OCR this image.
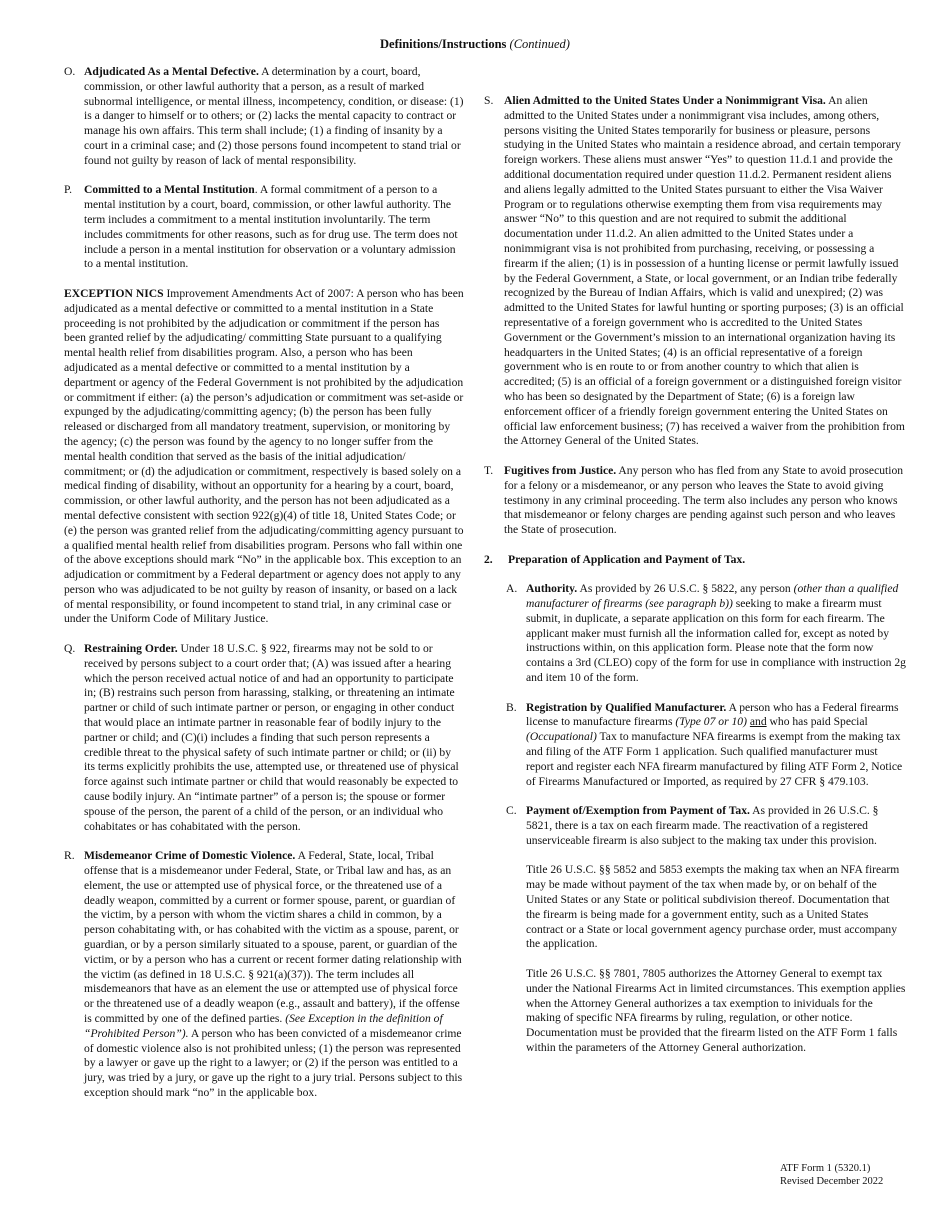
Definitions/Instructions (Continued)
O. Adjudicated As a Mental Defective. A determination by a court, board, commission, or other lawful authority that a person, as a result of marked subnormal intelligence, or mental illness, incompetency, condition, or disease: (1) is a danger to himself or to others; or (2) lacks the mental capacity to contract or manage his own affairs. This term shall include; (1) a finding of insanity by a court in a criminal case; and (2) those persons found incompetent to stand trial or found not guilty by reason of lack of mental responsibility.
P. Committed to a Mental Institution. A formal commitment of a person to a mental institution by a court, board, commission, or other lawful authority. The term includes a commitment to a mental institution involuntarily. The term includes commitments for other reasons, such as for drug use. The term does not include a person in a mental institution for observation or a voluntary admission to a mental institution.
EXCEPTION NICS Improvement Amendments Act of 2007: A person who has been adjudicated as a mental defective or committed to a mental institution in a State proceeding is not prohibited by the adjudication or commitment if the person has been granted relief by the adjudicating/ committing State pursuant to a qualifying mental health relief from disabilities program. Also, a person who has been adjudicated as a mental defective or committed to a mental institution by a department or agency of the Federal Government is not prohibited by the adjudication or commitment if either: (a) the person’s adjudication or commitment was set-aside or expunged by the adjudicating/committing agency; (b) the person has been fully released or discharged from all mandatory treatment, supervision, or monitoring by the agency; (c) the person was found by the agency to no longer suffer from the mental health condition that served as the basis of the initial adjudication/ commitment; or (d) the adjudication or commitment, respectively is based solely on a medical finding of disability, without an opportunity for a hearing by a court, board, commission, or other lawful authority, and the person has not been adjudicated as a mental defective consistent with section 922(g)(4) of title 18, United States Code; or (e) the person was granted relief from the adjudicating/committing agency pursuant to a qualified mental health relief from disabilities program. Persons who fall within one of the above exceptions should mark “No” in the applicable box. This exception to an adjudication or commitment by a Federal department or agency does not apply to any person who was adjudicated to be not guilty by reason of insanity, or based on a lack of mental responsibility, or found incompetent to stand trial, in any criminal case or under the Uniform Code of Military Justice.
Q. Restraining Order. Under 18 U.S.C. § 922, firearms may not be sold to or received by persons subject to a court order that; (A) was issued after a hearing which the person received actual notice of and had an opportunity to participate in; (B) restrains such person from harassing, stalking, or threatening an intimate partner or child of such intimate partner or person, or engaging in other conduct that would place an intimate partner in reasonable fear of bodily injury to the partner or child; and (C)(i) includes a finding that such person represents a credible threat to the physical safety of such intimate partner or child; or (ii) by its terms explicitly prohibits the use, attempted use, or threatened use of physical force against such intimate partner or child that would reasonably be expected to cause bodily injury. An “intimate partner” of a person is; the spouse or former spouse of the person, the parent of a child of the person, or an individual who cohabitates or has cohabitated with the person.
R. Misdemeanor Crime of Domestic Violence. A Federal, State, local, Tribal offense that is a misdemeanor under Federal, State, or Tribal law and has, as an element, the use or attempted use of physical force, or the threatened use of a deadly weapon, committed by a current or former spouse, parent, or guardian of the victim, by a person with whom the victim shares a child in common, by a person cohabitating with, or has cohabited with the victim as a spouse, parent, or guardian, or by a person similarly situated to a spouse, parent, or guardian of the victim, or by a person who has a current or recent former dating relationship with the victim (as defined in 18 U.S.C. § 921(a)(37)). The term includes all misdemeanors that have as an element the use or attempted use of physical force or the threatened use of a deadly weapon (e.g., assault and battery), if the offense is committed by one of the defined parties. (See Exception in the definition of “Prohibited Person”). A person who has been convicted of a misdemeanor crime of domestic violence also is not prohibited unless; (1) the person was represented by a lawyer or gave up the right to a lawyer; or (2) if the person was entitled to a jury, was tried by a jury, or gave up the right to a jury trial. Persons subject to this exception should mark “no” in the applicable box.
S. Alien Admitted to the United States Under a Nonimmigrant Visa. An alien admitted to the United States under a nonimmigrant visa includes, among others, persons visiting the United States temporarily for business or pleasure, persons studying in the United States who maintain a residence abroad, and certain temporary foreign workers. These aliens must answer “Yes” to question 11.d.1 and provide the additional documentation required under question 11.d.2. Permanent resident aliens and aliens legally admitted to the United States pursuant to either the Visa Waiver Program or to regulations otherwise exempting them from visa requirements may answer “No” to this question and are not required to submit the additional documentation under 11.d.2. An alien admitted to the United States under a nonimmigrant visa is not prohibited from purchasing, receiving, or possessing a firearm if the alien; (1) is in possession of a hunting license or permit lawfully issued by the Federal Government, a State, or local government, or an Indian tribe federally recognized by the Bureau of Indian Affairs, which is valid and unexpired; (2) was admitted to the United States for lawful hunting or sporting purposes; (3) is an official representative of a foreign government who is accredited to the United States Government or the Government’s mission to an international organization having its headquarters in the United States; (4) is an official representative of a foreign government who is en route to or from another country to which that alien is accredited; (5) is an official of a foreign government or a distinguished foreign visitor who has been so designated by the Department of State; (6) is a foreign law enforcement officer of a friendly foreign government entering the United States on official law enforcement business; (7) has received a waiver from the prohibition from the Attorney General of the United States.
T. Fugitives from Justice. Any person who has fled from any State to avoid prosecution for a felony or a misdemeanor, or any person who leaves the State to avoid giving testimony in any criminal proceeding. The term also includes any person who knows that misdemeanor or felony charges are pending against such person and who leaves the State of prosecution.
2. Preparation of Application and Payment of Tax.
A. Authority. As provided by 26 U.S.C. § 5822, any person (other than a qualified manufacturer of firearms (see paragraph b)) seeking to make a firearm must submit, in duplicate, a separate application on this form for each firearm. The applicant maker must furnish all the information called for, except as noted by instructions within, on this application form. Please note that the form now contains a 3rd (CLEO) copy of the form for use in compliance with instruction 2g and item 10 of the form.
B. Registration by Qualified Manufacturer. A person who has a Federal firearms license to manufacture firearms (Type 07 or 10) and who has paid Special (Occupational) Tax to manufacture NFA firearms is exempt from the making tax and filing of the ATF Form 1 application. Such qualified manufacturer must report and register each NFA firearm manufactured by filing ATF Form 2, Notice of Firearms Manufactured or Imported, as required by 27 CFR § 479.103.
C. Payment of/Exemption from Payment of Tax. As provided in 26 U.S.C. § 5821, there is a tax on each firearm made. The reactivation of a registered unserviceable firearm is also subject to the making tax under this provision.

Title 26 U.S.C. §§ 5852 and 5853 exempts the making tax when an NFA firearm may be made without payment of the tax when made by, or on behalf of the United States or any State or political subdivision thereof. Documentation that the firearm is being made for a government entity, such as a United States contract or a State or local government agency purchase order, must accompany the application.

Title 26 U.S.C. §§ 7801, 7805 authorizes the Attorney General to exempt tax under the National Firearms Act in limited circumstances. This exemption applies when the Attorney General authorizes a tax exemption to inividuals for the making of specific NFA firearms by ruling, regulation, or other notice. Documentation must be provided that the firearm listed on the ATF Form 1 falls within the parameters of the Attorney General authorization.

ATF Form 1 (5320.1)
Revised December 2022
